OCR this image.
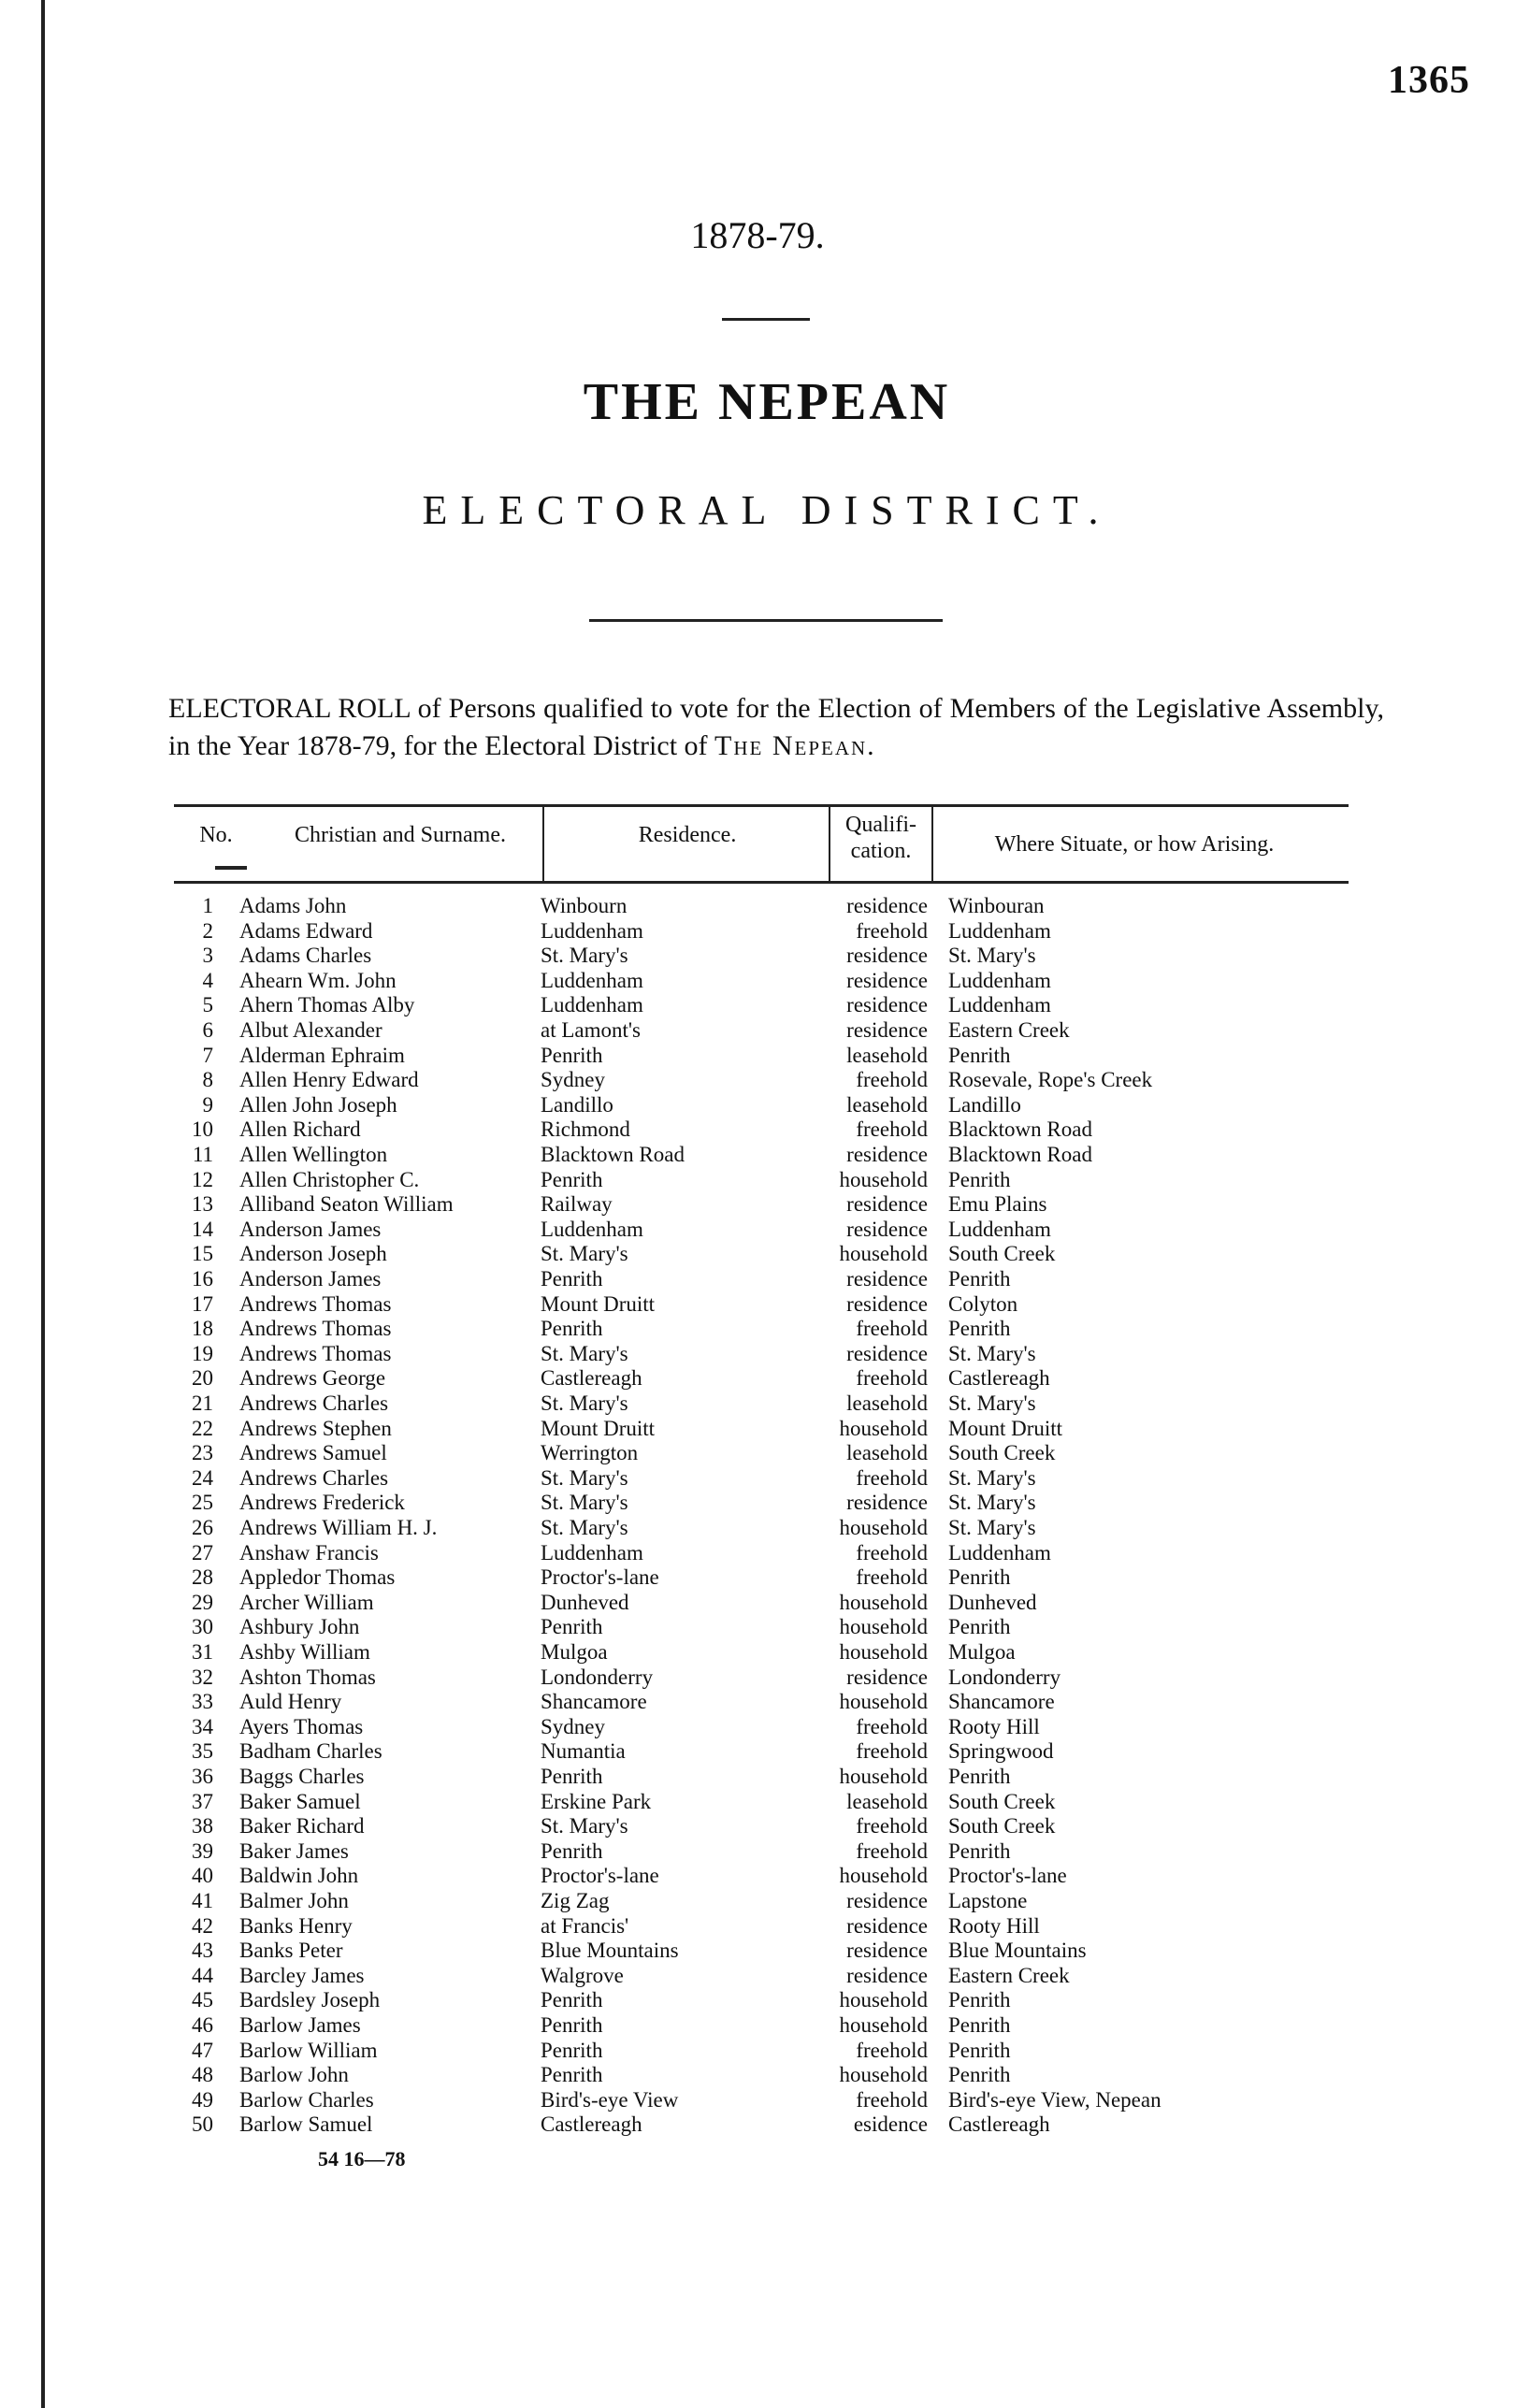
1365
1878-79.
THE NEPEAN
ELECTORAL DISTRICT.
ELECTORAL ROLL of Persons qualified to vote for the Election of Members of the Legislative Assembly, in the Year 1878-79, for the Electoral District of The Nepean.
No.	Christian and Surname.	Residence.	Qualifi-cation.	Where Situate, or how Arising.
1 Adams John	Winbourn	residence Winbouran
2 Adams Edward	Luddenham	freehold Luddenham
3 Adams Charles	St. Mary's	residence St. Mary's
4 Ahearn Wm. John	Luddenham	residence Luddenham
5 Ahern Thomas Alby	Luddenham	residence Luddenham
6 Albut Alexander	at Lamont's	residence Eastern Creek
7 Alderman Ephraim	Penrith	leasehold Penrith
8 Allen Henry Edward	Sydney	freehold Rosevale, Rope's Creek
9 Allen John Joseph	Landillo	leasehold Landillo
10 Allen Richard	Richmond	freehold Blacktown Road
11 Allen Wellington	Blacktown Road	residence Blacktown Road
12 Allen Christopher C.	Penrith	household Penrith
13 Alliband Seaton William	Railway	residence Emu Plains
14 Anderson James	Luddenham	residence Luddenham
15 Anderson Joseph	St. Mary's	household South Creek
16 Anderson James	Penrith	residence Penrith
17 Andrews Thomas	Mount Druitt	residence Colyton
18 Andrews Thomas	Penrith	freehold Penrith
19 Andrews Thomas	St. Mary's	residence St. Mary's
20 Andrews George	Castlereagh	freehold Castlereagh
21 Andrews Charles	St. Mary's	leasehold St. Mary's
22 Andrews Stephen	Mount Druitt	household Mount Druitt
23 Andrews Samuel	Werrington	leasehold South Creek
24 Andrews Charles	St. Mary's	freehold St. Mary's
25 Andrews Frederick	St. Mary's	residence St. Mary's
26 Andrews William H. J.	St. Mary's	household St. Mary's
27 Anshaw Francis	Luddenham	freehold Luddenham
28 Appledor Thomas	Proctor's-lane	freehold Penrith
29 Archer William	Dunheved	household Dunheved
30 Ashbury John	Penrith	household Penrith
31 Ashby William	Mulgoa	household Mulgoa
32 Ashton Thomas	Londonderry	residence Londonderry
33 Auld Henry	Shancamore	household Shancamore
34 Ayers Thomas	Sydney	freehold Rooty Hill
35 Badham Charles	Numantia	freehold Springwood
36 Baggs Charles	Penrith	household Penrith
37 Baker Samuel	Erskine Park	leasehold South Creek
38 Baker Richard	St. Mary's	freehold South Creek
39 Baker James	Penrith	freehold Penrith
40 Baldwin John	Proctor's-lane	household Proctor's-lane
41 Balmer John	Zig Zag	residence Lapstone
42 Banks Henry	at Francis'	residence Rooty Hill
43 Banks Peter	Blue Mountains	residence Blue Mountains
44 Barcley James	Walgrove	residence Eastern Creek
45 Bardsley Joseph	Penrith	household Penrith
46 Barlow James	Penrith	household Penrith
47 Barlow William	Penrith	freehold Penrith
48 Barlow John	Penrith	household Penrith
49 Barlow Charles	Bird's-eye View	freehold Bird's-eye View, Nepean
50 Barlow Samuel	Castlereagh	esidence Castlereagh
54 16—78
